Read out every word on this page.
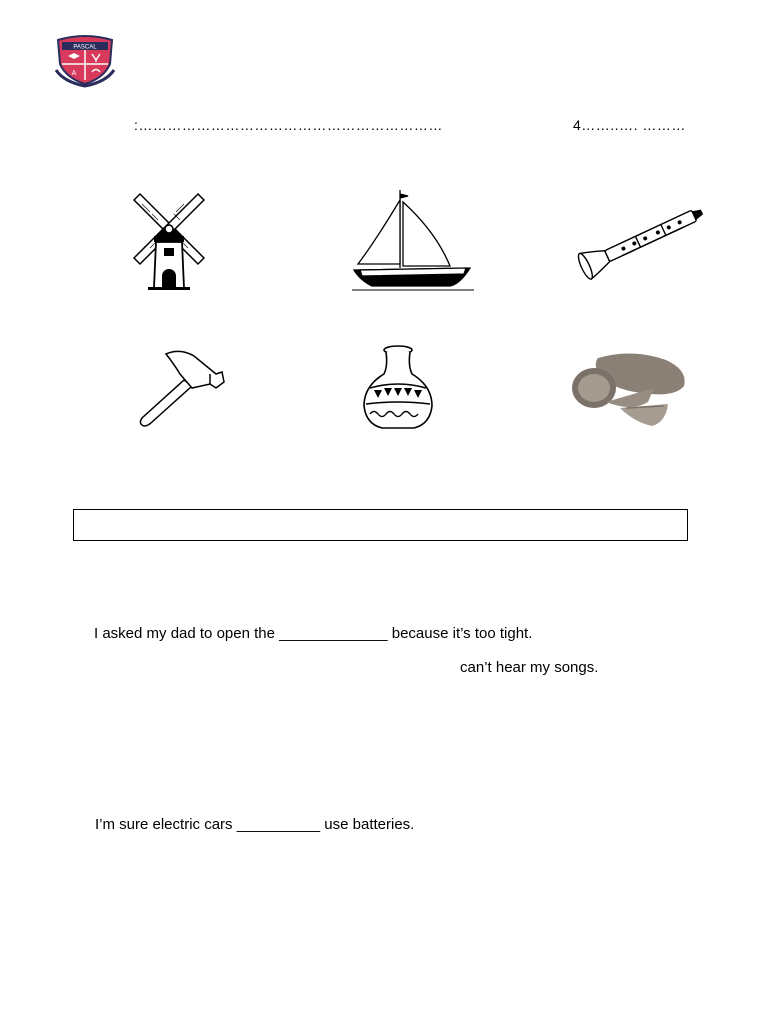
PASCAL
A
:………………………………………………………	4……..…. ………
I asked my dad to open the _____________ because it’s too tight.
can’t hear my songs.
I’m sure electric cars __________ use batteries.
